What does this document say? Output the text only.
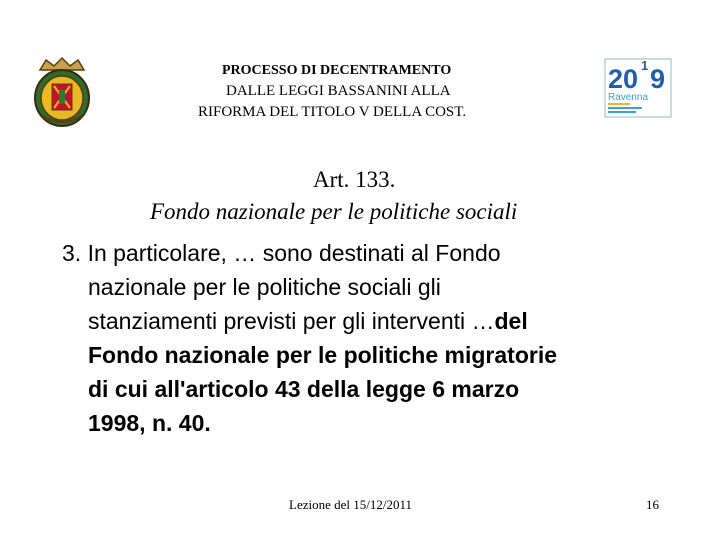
PROCESSO DI DECENTRAMENTO
DALLE LEGGI BASSANINI ALLA
RIFORMA DEL TITOLO V DELLA COST.
20 1 9
Ravenna
Art. 133.
Fondo nazionale per le politiche sociali
3. In particolare, … sono destinati al Fondo
nazionale per le politiche sociali gli
stanziamenti previsti per gli interventi …del
Fondo nazionale per le politiche migratorie
di cui all'articolo 43 della legge 6 marzo
1998, n. 40.
Lezione del 15/12/2011	16
